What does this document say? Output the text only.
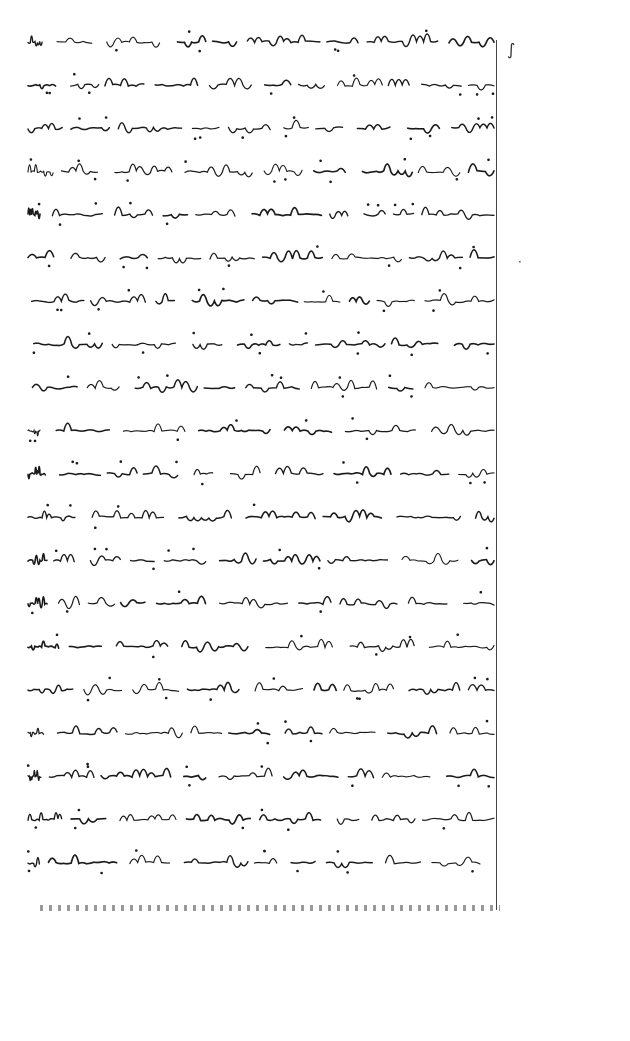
∫
·
